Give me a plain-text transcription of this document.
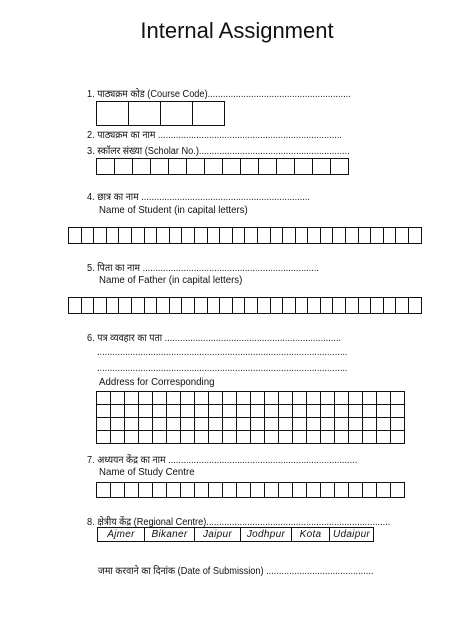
Internal Assignment
1. पाठ्यक्रम कोड (Course Code)........................................................
2. पाठ्यक्रम का नाम ........................................................................
3. स्कॉलर संख्या (Scholar No.)...........................................................
4. छात्र का नाम ..................................................................
Name of Student (in capital letters)
5. पिता का नाम .....................................................................
Name of Father (in capital letters)
6. पत्र व्यवहार का पता .....................................................................
..................................................................................................
..................................................................................................
Address for Corresponding
7. अध्ययन केंद्र का नाम ..........................................................................
Name of Study Centre
8. क्षेत्रीय केंद्र (Regional Centre)........................................................................
Ajmer	Bikaner	Jaipur	Jodhpur	Kota	Udaipur
जमा करवाने का दिनांक (Date of Submission) ..........................................
